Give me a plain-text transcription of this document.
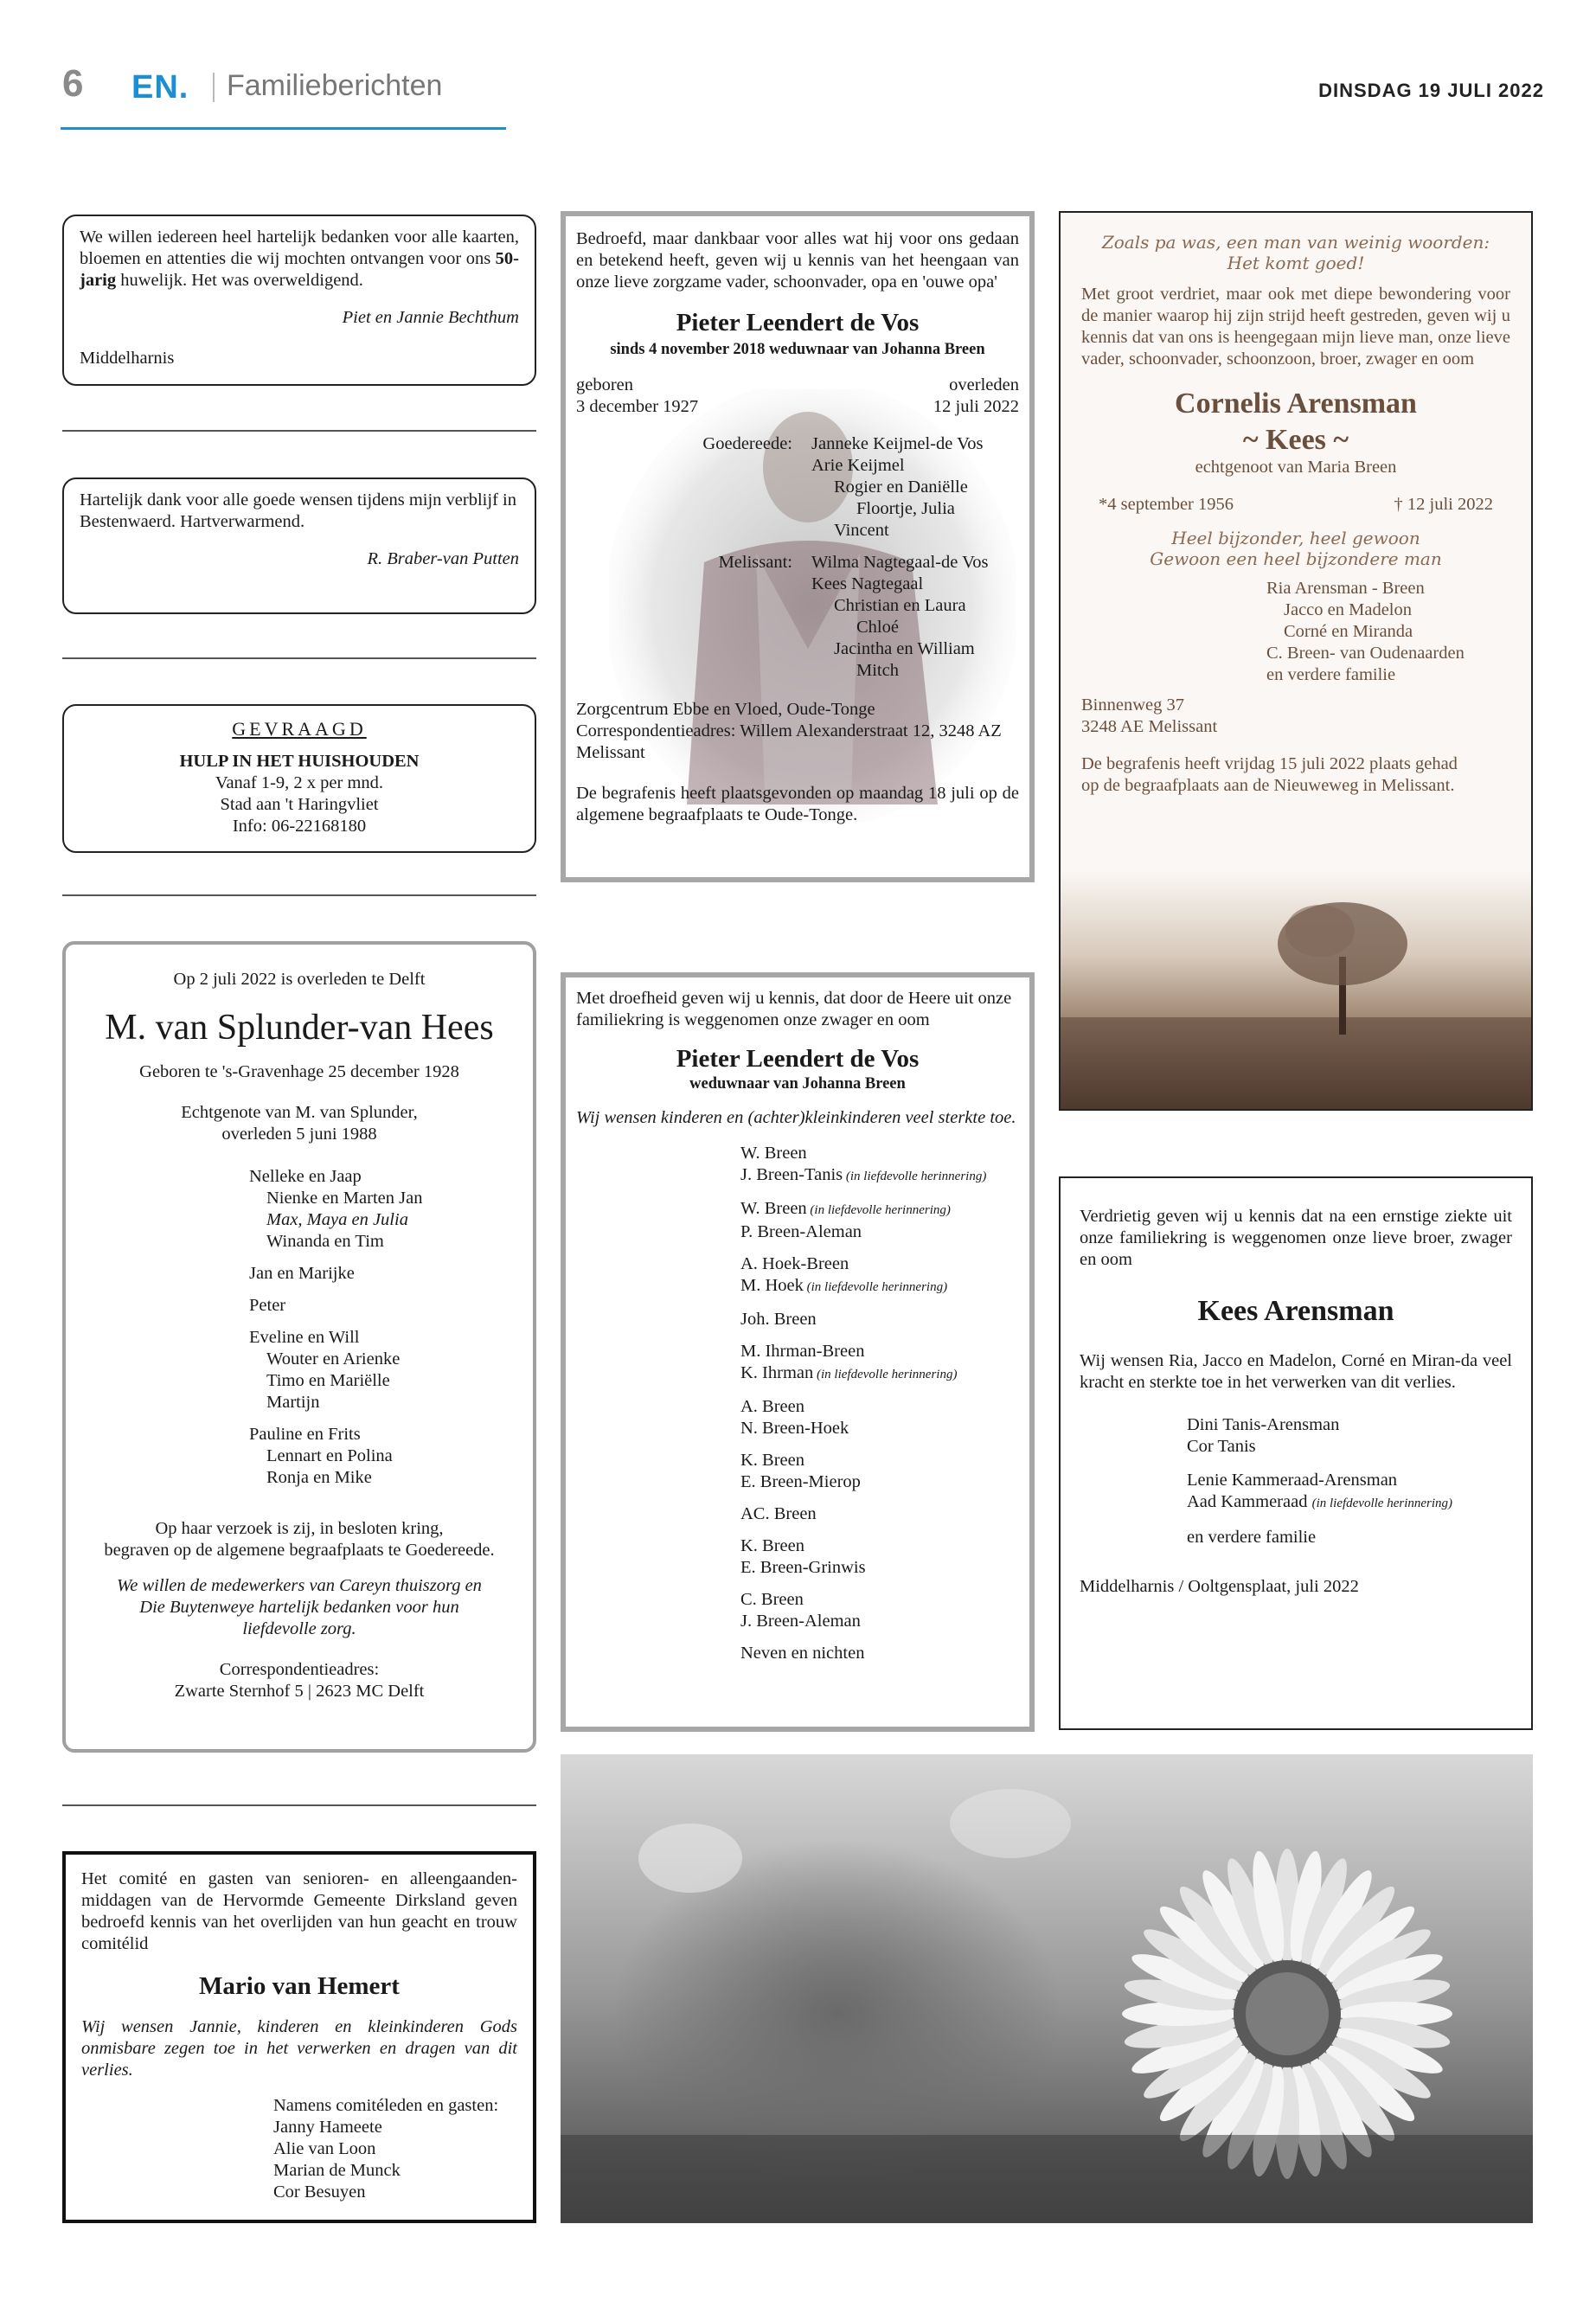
6 EN. Familieberichten	DINSDAG 19 JULI 2022

We willen iedereen heel hartelijk bedanken voor alle kaarten, bloemen en attenties die wij mochten ontvangen voor ons 50-jarig huwelijk. Het was overweldigend.

Piet en Jannie Bechthum

Middelharnis

Hartelijk dank voor alle goede wensen tijdens mijn verblijf in Bestenwaerd. Hartverwarmend.

R. Braber-van Putten

GEVRAAGD

HULP IN HET HUISHOUDEN

Vanaf 1-9, 2 x per mnd.

Stad aan 't Haringvliet

Info: 06-22168180

Op 2 juli 2022 is overleden te Delft

M. van Splunder-van Hees

Geboren te 's-Gravenhage 25 december 1928

Echtgenote van M. van Splunder,

overleden 5 juni 1988

Nelleke en Jaap
Nienke en Marten Jan
Max, Maya en Julia
Winanda en Tim
Jan en Marijke
Peter
Eveline en Will
Wouter en Arienke
Timo en Mariëlle
Martijn
Pauline en Frits
Lennart en Polina
Ronja en Mike

Op haar verzoek is zij, in besloten kring,

begraven op de algemene begraafplaats te Goedereede.

We willen de medewerkers van Careyn thuiszorg en Die Buytenweye hartelijk bedanken voor hun liefdevolle zorg.

Correspondentieadres:

Zwarte Sternhof 5 | 2623 MC Delft

Het comité en gasten van senioren- en alleengaanden-middagen van de Hervormde Gemeente Dirksland geven bedroefd kennis van het overlijden van hun geacht en trouw comitélid

Mario van Hemert

Wij wensen Jannie, kinderen en kleinkinderen Gods onmisbare zegen toe in het verwerken en dragen van dit verlies.

Namens comitéleden en gasten:
Janny Hameete
Alie van Loon
Marian de Munck
Cor Besuyen

Bedroefd, maar dankbaar voor alles wat hij voor ons gedaan en betekend heeft, geven wij u kennis van het heengaan van onze lieve zorgzame vader, schoonvader, opa en 'ouwe opa'

Pieter Leendert de Vos

sinds 4 november 2018 weduwnaar van Johanna Breen

geboren

3 december 1927

overleden

12 juli 2022

Goedereede:	Janneke Keijmel-de Vos
Arie Keijmel
Rogier en Daniëlle
Floortje, Julia
Vincent
Melissant:	Wilma Nagtegaal-de Vos
Kees Nagtegaal
Christian en Laura
Chloé
Jacintha en William
Mitch

Zorgcentrum Ebbe en Vloed, Oude-Tonge

Correspondentieadres: Willem Alexanderstraat 12, 3248 AZ Melissant

De begrafenis heeft plaatsgevonden op maandag 18 juli op de algemene begraafplaats te Oude-Tonge.

Met droefheid geven wij u kennis, dat door de Heere uit onze familiekring is weggenomen onze zwager en oom

Pieter Leendert de Vos

weduwnaar van Johanna Breen

Wij wensen kinderen en (achter)kleinkinderen veel sterkte toe.

W. Breen
J. Breen-Tanis (in liefdevolle herinnering)
W. Breen (in liefdevolle herinnering)
P. Breen-Aleman
A. Hoek-Breen
M. Hoek (in liefdevolle herinnering)
Joh. Breen
M. Ihrman-Breen
K. Ihrman (in liefdevolle herinnering)
A. Breen
N. Breen-Hoek
K. Breen
E. Breen-Mierop
AC. Breen
K. Breen
E. Breen-Grinwis
C. Breen
J. Breen-Aleman
Neven en nichten

Zoals pa was, een man van weinig woorden:

Het komt goed!

Met groot verdriet, maar ook met diepe bewondering voor de manier waarop hij zijn strijd heeft gestreden, geven wij u kennis dat van ons is heengegaan mijn lieve man, onze lieve vader, schoonvader, schoonzoon, broer, zwager en oom

Cornelis Arensman

~ Kees ~

echtgenoot van Maria Breen

*4 september 1956	† 12 juli 2022

Heel bijzonder, heel gewoon

Gewoon een heel bijzondere man

Ria Arensman - Breen
Jacco en Madelon
Corné en Miranda
C. Breen- van Oudenaarden
en verdere familie

Binnenweg 37

3248 AE Melissant

De begrafenis heeft vrijdag 15 juli 2022 plaats gehad

op de begraafplaats aan de Nieuweweg in Melissant.

Verdrietig geven wij u kennis dat na een ernstige ziekte uit onze familiekring is weggenomen onze lieve broer, zwager en oom

Kees Arensman

Wij wensen Ria, Jacco en Madelon, Corné en Miran-da veel kracht en sterkte toe in het verwerken van dit verlies.

Dini Tanis-Arensman
Cor Tanis
Lenie Kammeraad-Arensman
Aad Kammeraad (in liefdevolle herinnering)
en verdere familie

Middelharnis / Ooltgensplaat, juli 2022
